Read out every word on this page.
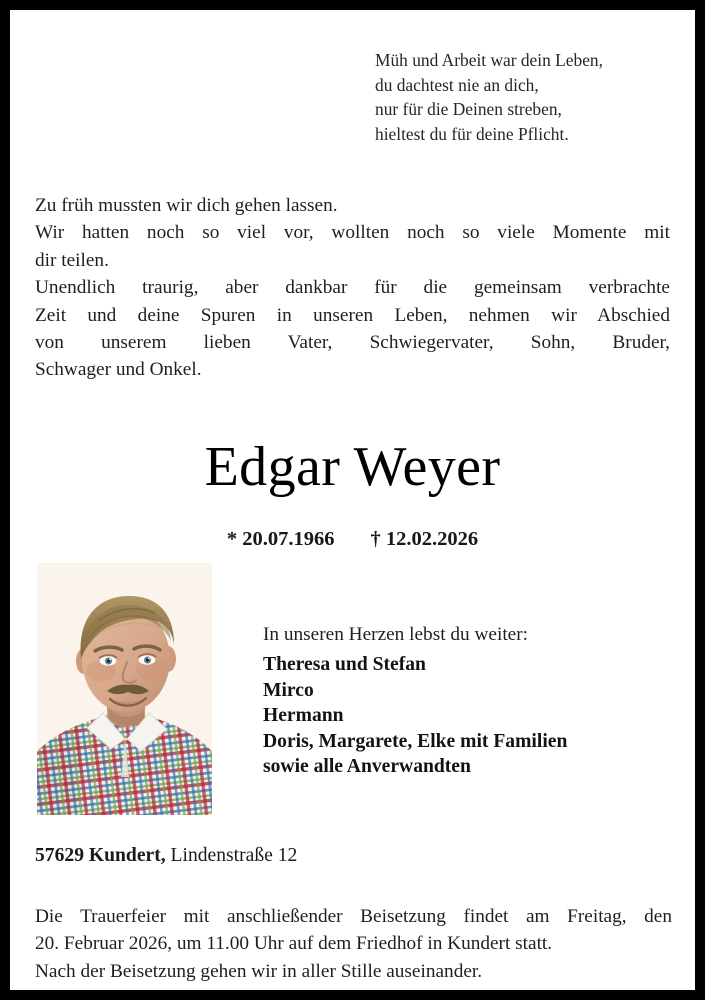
Müh und Arbeit war dein Leben,
du dachtest nie an dich,
nur für die Deinen streben,
hieltest du für deine Pflicht.
Zu früh mussten wir dich gehen lassen.
Wir hatten noch so viel vor, wollten noch so viele Momente mit
dir teilen.
Unendlich traurig, aber dankbar für die gemeinsam verbrachte
Zeit und deine Spuren in unseren Leben, nehmen wir Abschied
von unserem lieben Vater, Schwiegervater, Sohn, Bruder,
Schwager und Onkel.
Edgar Weyer
* 20.07.1966 † 12.02.2026
In unseren Herzen lebst du weiter:
Theresa und Stefan
Mirco
Hermann
Doris, Margarete, Elke mit Familien
sowie alle Anverwandten
57629 Kundert, Lindenstraße 12
Die Trauerfeier mit anschließender Beisetzung findet am Freitag, den
20. Februar 2026, um 11.00 Uhr auf dem Friedhof in Kundert statt.
Nach der Beisetzung gehen wir in aller Stille auseinander.
